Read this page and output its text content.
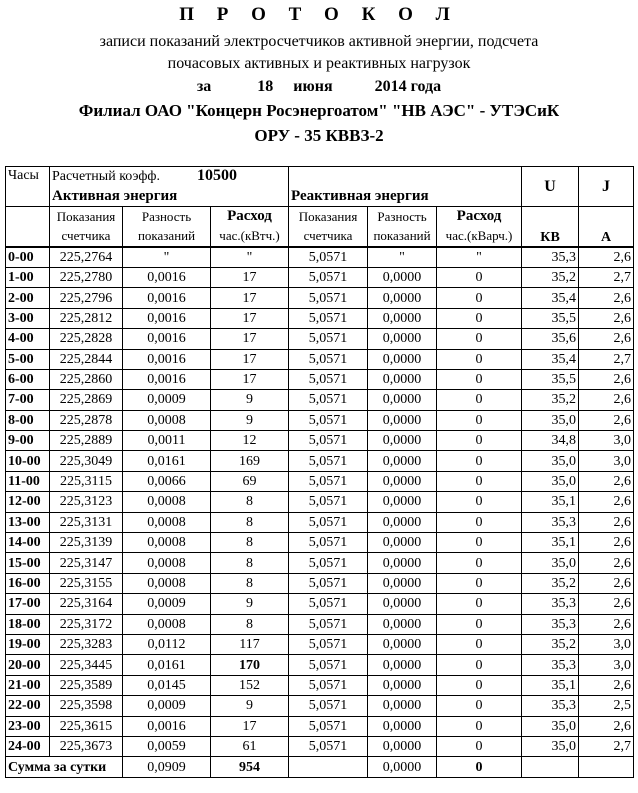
П Р О Т О К О Л
записи показаний электросчетчиков активной энергии, подсчета
почасовых активных и реактивных нагрузок
за	18 июня	2014 года
Филиал ОАО "Концерн Росэнергоатом" "НВ АЭС" - УТЭСиК
ОРУ - 35 КВВЗ-2
Часы	Расчетный коэфф. 10500						U	J
	Активная энергия			Реактивная энергия				
	Показания	Разность	Расход	Показания	Разность	Расход	КВ	А
	счетчика	показаний	час.(кВтч.)	счетчика	показаний	час.(кВарч.)		
0-00	225,2764	"	"	5,0571	"	"	35,3	2,6
1-00	225,2780	0,0016	17	5,0571	0,0000	0	35,2	2,7
2-00	225,2796	0,0016	17	5,0571	0,0000	0	35,4	2,6
3-00	225,2812	0,0016	17	5,0571	0,0000	0	35,5	2,6
4-00	225,2828	0,0016	17	5,0571	0,0000	0	35,6	2,6
5-00	225,2844	0,0016	17	5,0571	0,0000	0	35,4	2,7
6-00	225,2860	0,0016	17	5,0571	0,0000	0	35,5	2,6
7-00	225,2869	0,0009	9	5,0571	0,0000	0	35,2	2,6
8-00	225,2878	0,0008	9	5,0571	0,0000	0	35,0	2,6
9-00	225,2889	0,0011	12	5,0571	0,0000	0	34,8	3,0
10-00	225,3049	0,0161	169	5,0571	0,0000	0	35,0	3,0
11-00	225,3115	0,0066	69	5,0571	0,0000	0	35,0	2,6
12-00	225,3123	0,0008	8	5,0571	0,0000	0	35,1	2,6
13-00	225,3131	0,0008	8	5,0571	0,0000	0	35,3	2,6
14-00	225,3139	0,0008	8	5,0571	0,0000	0	35,1	2,6
15-00	225,3147	0,0008	8	5,0571	0,0000	0	35,0	2,6
16-00	225,3155	0,0008	8	5,0571	0,0000	0	35,2	2,6
17-00	225,3164	0,0009	9	5,0571	0,0000	0	35,3	2,6
18-00	225,3172	0,0008	8	5,0571	0,0000	0	35,3	2,6
19-00	225,3283	0,0112	117	5,0571	0,0000	0	35,2	3,0
20-00	225,3445	0,0161	170	5,0571	0,0000	0	35,3	3,0
21-00	225,3589	0,0145	152	5,0571	0,0000	0	35,1	2,6
22-00	225,3598	0,0009	9	5,0571	0,0000	0	35,3	2,5
23-00	225,3615	0,0016	17	5,0571	0,0000	0	35,0	2,6
24-00	225,3673	0,0059	61	5,0571	0,0000	0	35,0	2,7
Сумма за сутки		0,0909	954		0,0000	0		
